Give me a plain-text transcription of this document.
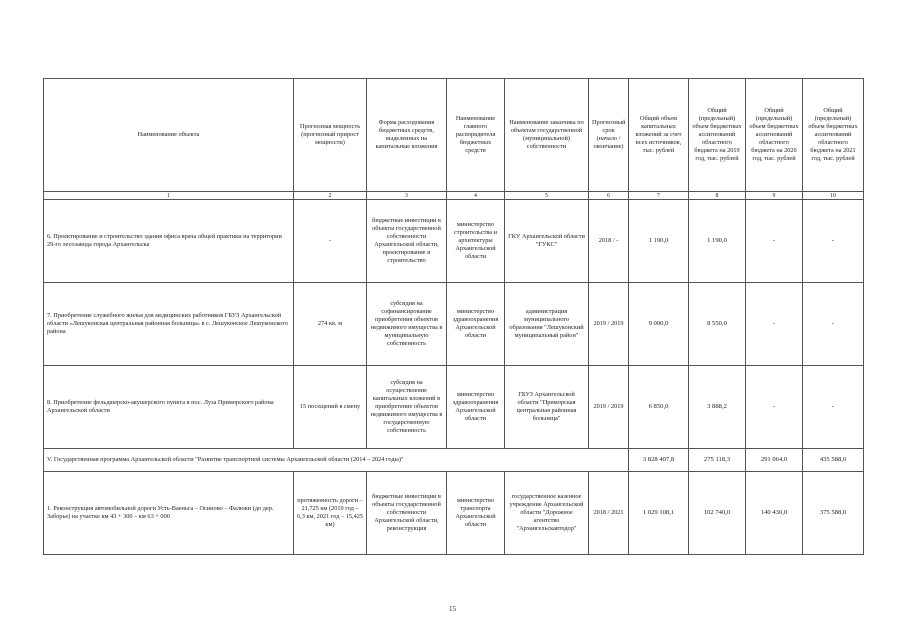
Наименование объекта	Прогнозная мощность (прогнозный прирост мощности)	Форма расходования бюджетных средств, выделенных на капитальные вложения	Наименование главного распорядителя бюджетных средств	Наименование заказчика по объектам государственной (муниципальной) собственности	Прогнозный срок (начало / окончание)	Общий объем капитальных вложений за счет всех источников, тыс. рублей	Общий (предельный) объем бюджетных ассигнований областного бюджета на 2019 год, тыс. рублей	Общий (предельный) объем бюджетных ассигнований областного бюджета на 2020 год, тыс. рублей	Общий (предельный) объем бюджетных ассигнований областного бюджета на 2021 год, тыс. рублей
1	2	3	4	5	6	7	8	9	10
6. Проектирование и строительство здания офиса врача общей практики на территории 29-го лесозавода города Архангельска	-	бюджетные инвестиции в объекты государственной собственности Архангельской области, проектирование и строительство	министерство строительства и архитектуры Архангельской области	ГКУ Архангельской области "ГУКС"	2018 / -	1 190,0	1 190,0	-	-
7. Приобретение служебного жилья для медицинских работников ГБУЗ Архангельской области «Лешуконская центральная районная больница» в с. Лешуконское Лешуконского района	274 кв. м	субсидия на софинансирование приобретения объектов недвижимого имущества в муниципальную собственность	министерство здравоохранения Архангельской области	администрация муниципального образования "Лешуконский муниципальный район"	2019 / 2019	9 000,0	8 550,0	-	-
8. Приобретение фельдшерско-акушерского пункта в пос. Луза Приморского района Архангельской области	15 посещений в смену	субсидия на осуществление капитальных вложений в приобретение объектов недвижимого имущества в государственную собственность	министерство здравоохранения Архангельской области	ГБУЗ Архангельской области "Приморская центральная районная больница"	2019 / 2019	6 850,0	3 888,2	-	-
V. Государственная программа Архангельской области "Развитие транспортной системы Архангельской области (2014 – 2024 годы)"						3 828 407,8	275 118,3	291 064,0	435 588,0
1. Реконструкция автомобильной дороги Усть-Ваеньга – Осиново – Фалюки (до дер. Заборье) на участке км 43 + 300 – км 63 + 000	протяженность дороги – 21,725 км (2019 год – 6,3 км, 2021 год – 15,425 км)	бюджетные инвестиции в объекты государственной собственности Архангельской области, реконструкция	министерство транспорта Архангельской области	государственное казенное учреждение Архангельской области "Дорожное агентство "Архангельскавтодор"	2018 / 2021	1 029 108,1	102 740,0	140 430,0	375 588,0
15
